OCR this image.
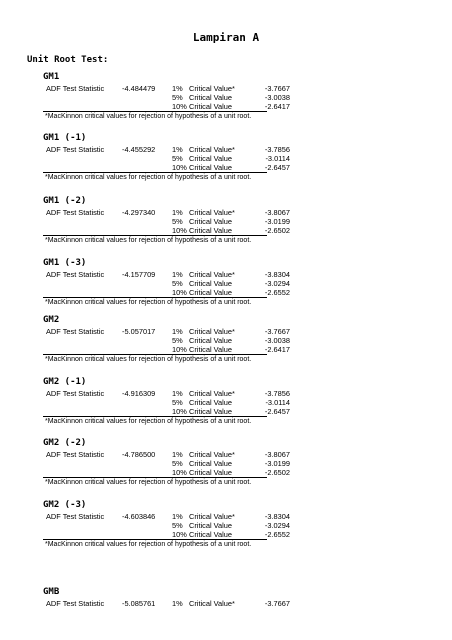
Lampiran A
Unit Root Test:
GM1
ADF Test Statistic -4.484479 1% Critical Value*	-3.7667
5% Critical Value	-3.0038
10% Critical Value	-2.6417
*MacKinnon critical values for rejection of hypothesis of a unit root.
GM1 (-1)
ADF Test Statistic -4.455292 1% Critical Value*	-3.7856
5% Critical Value	-3.0114
10% Critical Value	-2.6457
*MacKinnon critical values for rejection of hypothesis of a unit root.
GM1 (-2)
ADF Test Statistic -4.297340 1% Critical Value*	-3.8067
5% Critical Value	-3.0199
10% Critical Value	-2.6502
*MacKinnon critical values for rejection of hypothesis of a unit root.
GM1 (-3)
ADF Test Statistic -4.157709 1% Critical Value*	-3.8304
5% Critical Value	-3.0294
10% Critical Value	-2.6552
*MacKinnon critical values for rejection of hypothesis of a unit root.
GM2
ADF Test Statistic -5.057017 1% Critical Value*	-3.7667
5% Critical Value	-3.0038
10% Critical Value	-2.6417
*MacKinnon critical values for rejection of hypothesis of a unit root.
GM2 (-1)
ADF Test Statistic -4.916309 1% Critical Value*	-3.7856
5% Critical Value	-3.0114
10% Critical Value	-2.6457
*MacKinnon critical values for rejection of hypothesis of a unit root.
GM2 (-2)
ADF Test Statistic -4.786500 1% Critical Value*	-3.8067
5% Critical Value	-3.0199
10% Critical Value	-2.6502
*MacKinnon critical values for rejection of hypothesis of a unit root.
GM2 (-3)
ADF Test Statistic -4.603846 1% Critical Value*	-3.8304
5% Critical Value	-3.0294
10% Critical Value	-2.6552
*MacKinnon critical values for rejection of hypothesis of a unit root.
GMB
ADF Test Statistic -5.085761 1% Critical Value*	-3.7667
